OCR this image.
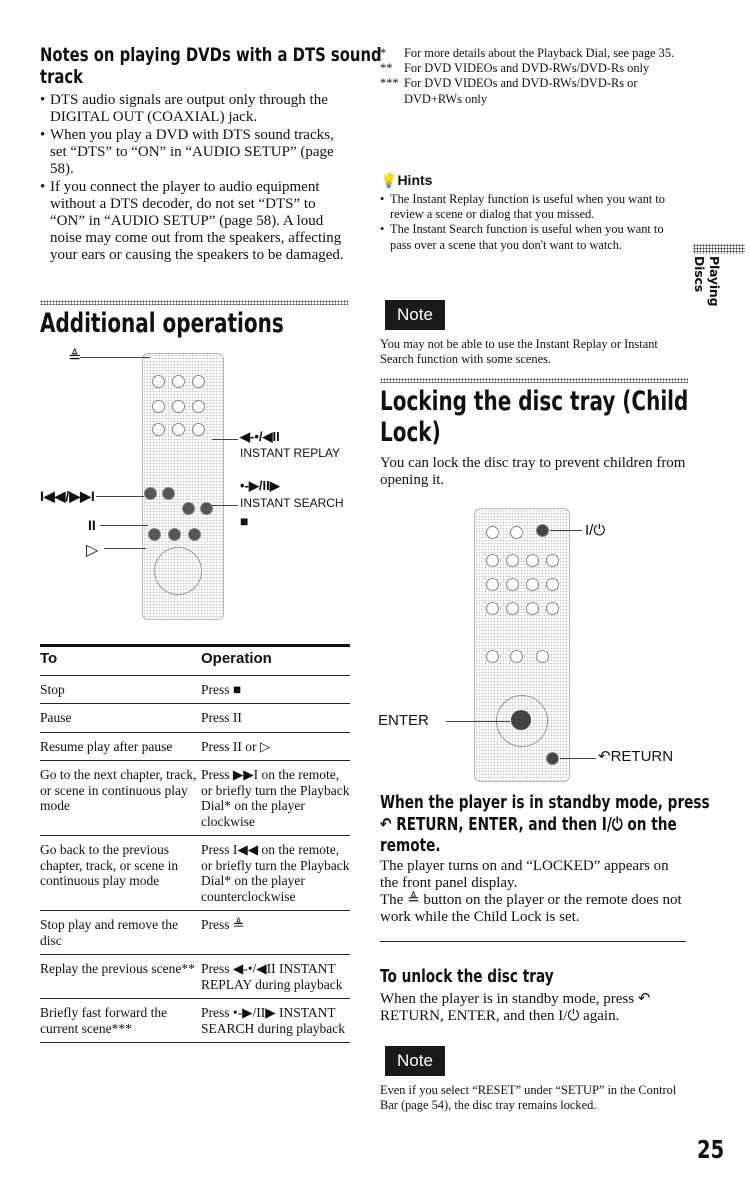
Notes on playing DVDs with a DTS sound
track
• DTS audio signals are output only through the DIGITAL OUT (COAXIAL) jack.
• When you play a DVD with DTS sound tracks, set “DTS” to “ON” in “AUDIO SETUP” (page 58).
• If you connect the player to audio equipment without a DTS decoder, do not set “DTS” to “ON” in “AUDIO SETUP” (page 58). A loud noise may come out from the speakers, affecting your ears or causing the speakers to be damaged.
Additional operations
≜
I◀◀/▶▶I
II
▷
◀-•/◀II
INSTANT REPLAY
•-▶/II▶
INSTANT SEARCH
■
To	Operation
Stop	Press ■
Pause	Press II
Resume play after pause	Press II or ▷
Go to the next chapter, track, or scene in continuous play mode	Press ▶▶I on the remote, or briefly turn the Playback Dial* on the player clockwise
Go back to the previous chapter, track, or scene in continuous play mode	Press I◀◀ on the remote, or briefly turn the Playback Dial* on the player counterclockwise
Stop play and remove the disc	Press ≜
Replay the previous scene**	Press ◀-•/◀II INSTANT REPLAY during playback
Briefly fast forward the current scene***	Press •-▶/II▶ INSTANT SEARCH during playback
*	For more details about the Playback Dial, see page 35.
** For DVD VIDEOs and DVD-RWs/DVD-Rs only
*** For DVD VIDEOs and DVD-RWs/DVD-Rs or DVD+RWs only
💡Hints
• The Instant Replay function is useful when you want to review a scene or dialog that you missed.
• The Instant Search function is useful when you want to pass over a scene that you don't want to watch.
Note
You may not be able to use the Instant Replay or Instant Search function with some scenes.
Locking the disc tray (Child
Lock)
You can lock the disc tray to prevent children from opening it.
I/⏻
ENTER
↶RETURN
When the player is in standby mode, press
↶ RETURN, ENTER, and then I/⏻ on the
remote.
The player turns on and “LOCKED” appears on the front panel display.
The ≜ button on the player or the remote does not work while the Child Lock is set.
To unlock the disc tray
When the player is in standby mode, press ↶ RETURN, ENTER, and then I/⏻ again.
Note
Even if you select “RESET” under “SETUP” in the Control Bar (page 54), the disc tray remains locked.
Playing Discs
25
